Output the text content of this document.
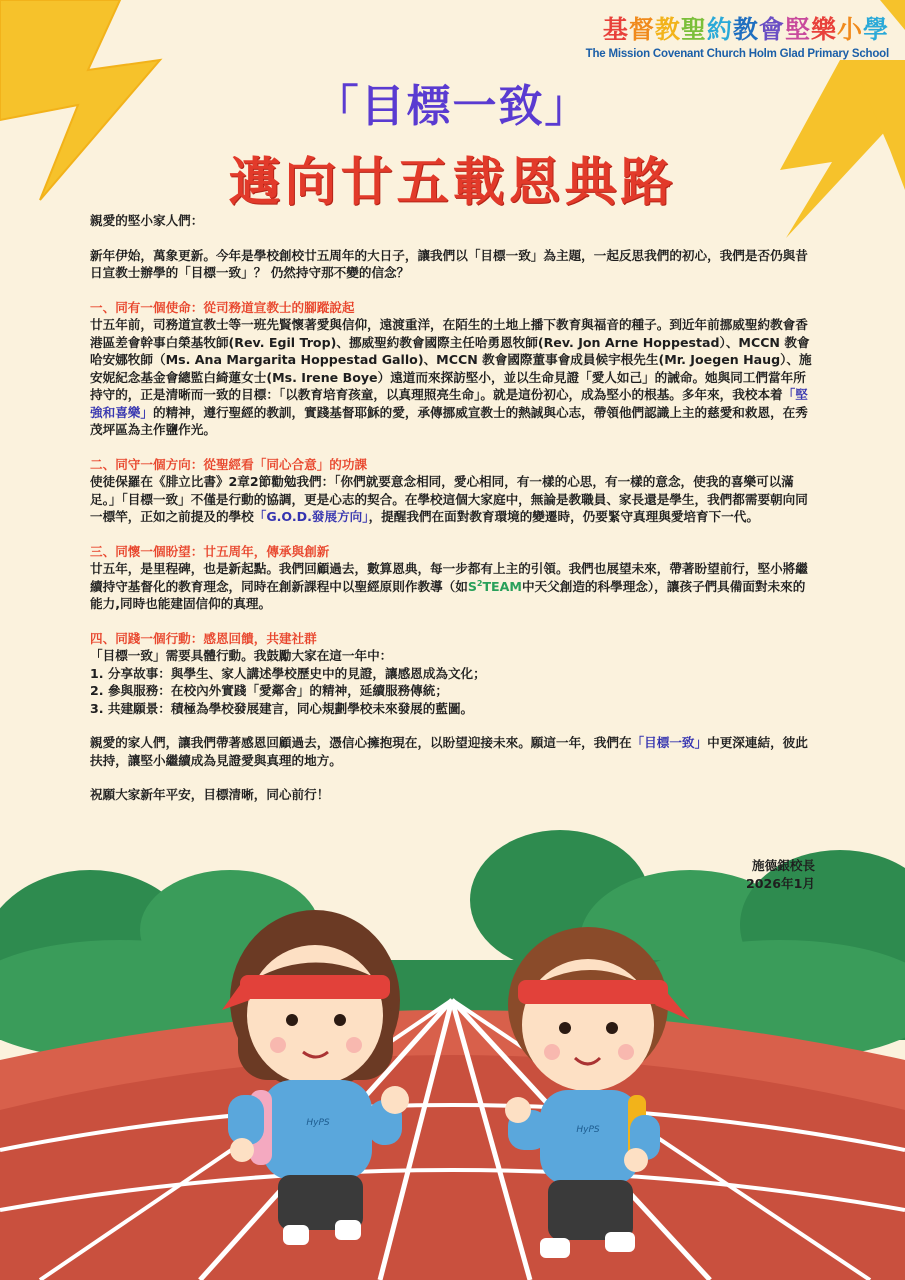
HyPS
HyPS
基督教聖約教會堅樂小學
The Mission Covenant Church Holm Glad Primary School
「目標一致」
邁向廿五載恩典路

親愛的堅小家人們：

新年伊始，萬象更新。今年是學校創校廿五周年的大日子，讓我們以「目標一致」為主題，一起反思我們的初心，我們是否仍與昔日宣教士辦學的「目標一致」？ 仍然持守那不變的信念？

一、同有一個使命：從司務道宣教士的腳蹤說起

廿五年前，司務道宣教士等一班先賢懷著愛與信仰，遠渡重洋，在陌生的土地上播下教育與福音的種子。到近年前挪威聖約教會香港區差會幹事白榮基牧師(Rev. Egil Trop)、挪威聖約教會國際主任哈勇恩牧師(Rev. Jon Arne Hoppestad）、MCCN 教會哈安娜牧師（Ms. Ana Margarita Hoppestad Gallo)、MCCN 教會國際董事會成員候宇根先生(Mr. Joegen Haug）、施安妮紀念基金會總監白綺蓮女士(Ms. Irene Boye）遠道而來探訪堅小，並以生命見證「愛人如己」的誡命。她與同工們當年所持守的，正是清晰而一致的目標：「以教育培育孩童，以真理照亮生命」。就是這份初心，成為堅小的根基。多年來，我校本着「堅強和喜樂」的精神，遵行聖經的教訓，實踐基督耶穌的愛，承傳挪威宣教士的熱誠與心志，帶領他們認識上主的慈愛和救恩，在秀茂坪區為主作鹽作光。

二、同守一個方向：從聖經看「同心合意」的功課

使徒保羅在《腓立比書》2章2節勸勉我們：「你們就要意念相同，愛心相同，有一樣的心思，有一樣的意念，使我的喜樂可以滿足。」「目標一致」不僅是行動的協調，更是心志的契合。在學校這個大家庭中，無論是教職員、家長還是學生，我們都需要朝向同一標竿，正如之前提及的學校「G.O.D.發展方向」，提醒我們在面對教育環境的變遷時，仍要緊守真理與愛培育下一代。

三、同懷一個盼望：廿五周年，傳承與創新

廿五年，是里程碑，也是新起點。我們回顧過去，數算恩典，每一步都有上主的引領。我們也展望未來，帶著盼望前行，堅小將繼續持守基督化的教育理念，同時在創新課程中以聖經原則作教導（如$S^2TEAM$中天父創造的科學理念），讓孩子們具備面對未來的能力,同時也能建固信仰的真理。

四、同踐一個行動：感恩回饋，共建社群

「目標一致」需要具體行動。我鼓勵大家在這一年中：

1. 分享故事：與學生、家人講述學校歷史中的見證，讓感恩成為文化；

2. 參與服務：在校內外實踐「愛鄰舍」的精神，延續服務傳統；

3. 共建願景：積極為學校發展建言，同心規劃學校未來發展的藍圖。

親愛的家人們，讓我們帶著感恩回顧過去，憑信心擁抱現在，以盼望迎接未來。願這一年，我們在「目標一致」中更深連結，彼此扶持，讓堅小繼續成為見證愛與真理的地方。

祝願大家新年平安，目標清晰，同心前行！

施德銀校長
2026年1月
